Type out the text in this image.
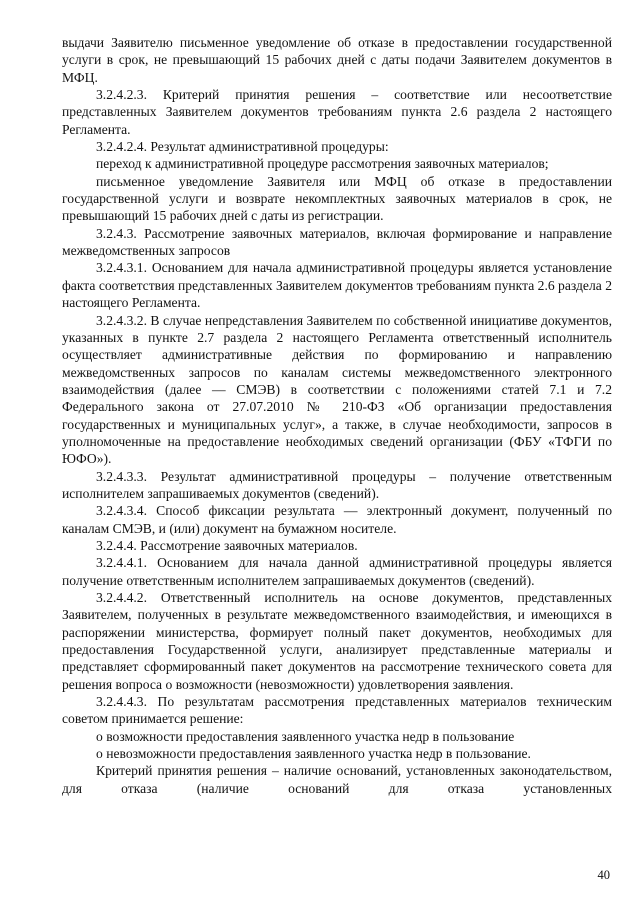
выдачи Заявителю письменное уведомление об отказе в предоставлении государственной услуги в срок, не превышающий 15 рабочих дней с даты подачи Заявителем документов в МФЦ.

3.2.4.2.3. Критерий принятия решения – соответствие или несоответствие представленных Заявителем документов требованиям пункта 2.6 раздела 2 настоящего Регламента.

3.2.4.2.4. Результат административной процедуры:

переход к административной процедуре рассмотрения заявочных материалов;

письменное уведомление Заявителя или МФЦ об отказе в предоставлении государственной услуги и возврате некомплектных заявочных материалов в срок, не превышающий 15 рабочих дней с даты из регистрации.

3.2.4.3. Рассмотрение заявочных материалов, включая формирование и направление межведомственных запросов

3.2.4.3.1. Основанием для начала административной процедуры является установление факта соответствия представленных Заявителем документов требованиям пункта 2.6 раздела 2 настоящего Регламента.

3.2.4.3.2. В случае непредставления Заявителем по собственной инициативе документов, указанных в пункте 2.7 раздела 2 настоящего Регламента ответственный исполнитель осуществляет административные действия по формированию и направлению межведомственных запросов по каналам системы межведомственного электронного взаимодействия (далее — СМЭВ) в соответствии с положениями статей 7.1 и 7.2 Федерального закона от 27.07.2010 № 210-ФЗ «Об организации предоставления государственных и муниципальных услуг», а также, в случае необходимости, запросов в уполномоченные на предоставление необходимых сведений организации (ФБУ «ТФГИ по ЮФО»).

3.2.4.3.3. Результат административной процедуры – получение ответственным исполнителем запрашиваемых документов (сведений).

3.2.4.3.4. Способ фиксации результата — электронный документ, полученный по каналам СМЭВ, и (или) документ на бумажном носителе.

3.2.4.4. Рассмотрение заявочных материалов.

3.2.4.4.1. Основанием для начала данной административной процедуры является получение ответственным исполнителем запрашиваемых документов (сведений).

3.2.4.4.2. Ответственный исполнитель на основе документов, представленных Заявителем, полученных в результате межведомственного взаимодействия, и имеющихся в распоряжении министерства, формирует полный пакет документов, необходимых для предоставления Государственной услуги, анализирует представленные материалы и представляет сформированный пакет документов на рассмотрение технического совета для решения вопроса о возможности (невозможности) удовлетворения заявления.

3.2.4.4.3. По результатам рассмотрения представленных материалов техническим советом принимается решение:

о возможности предоставления заявленного участка недр в пользование

о невозможности предоставления заявленного участка недр в пользование.

Критерий принятия решения – наличие оснований, установленных законодательством, для отказа (наличие оснований для отказа установленных

40
